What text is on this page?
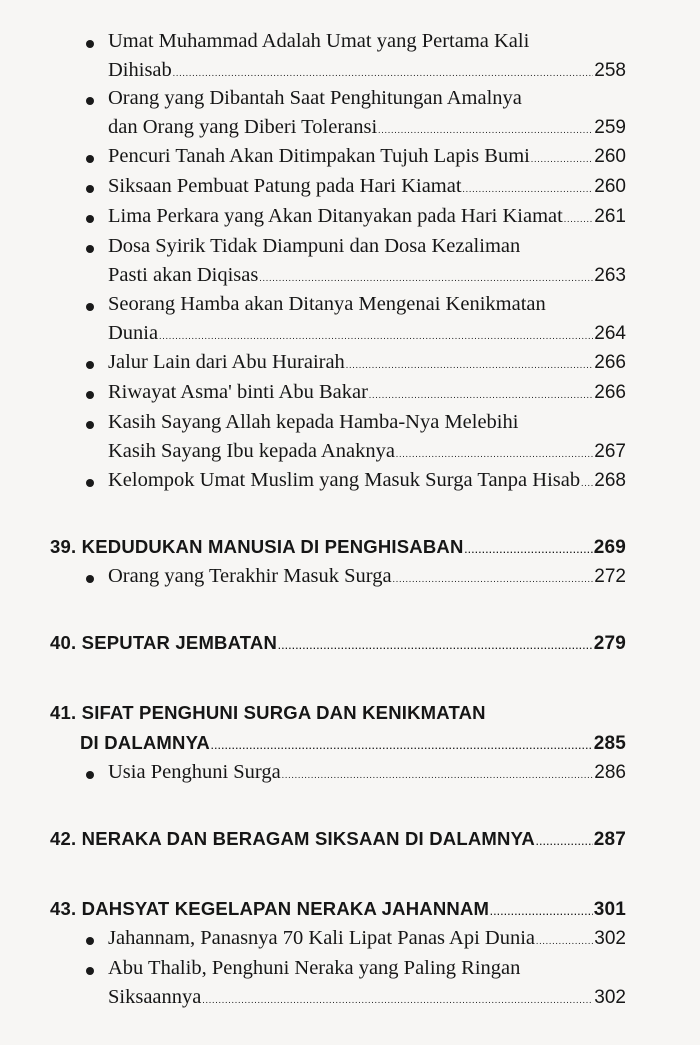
Umat Muhammad Adalah Umat yang Pertama Kali
Dihisab .....	258
Orang yang Dibantah Saat Penghitungan Amalnya
dan Orang yang Diberi Toleransi .....	259
Pencuri Tanah Akan Ditimpakan Tujuh Lapis Bumi .....	260
Siksaan Pembuat Patung pada Hari Kiamat .....	260
Lima Perkara yang Akan Ditanyakan pada Hari Kiamat ..... 261
Dosa Syirik Tidak Diampuni dan Dosa Kezaliman
Pasti akan Diqisas .....	263
Seorang Hamba akan Ditanya Mengenai Kenikmatan
Dunia .....	264
Jalur Lain dari Abu Hurairah .....	266
Riwayat Asma' binti Abu Bakar .....	266
Kasih Sayang Allah kepada Hamba-Nya Melebihi
Kasih Sayang Ibu kepada Anaknya .....	267
Kelompok Umat Muslim yang Masuk Surga Tanpa Hisab ..... 268
39. KEDUDUKAN MANUSIA DI PENGHISABAN .....	269
Orang yang Terakhir Masuk Surga .....	272
40. SEPUTAR JEMBATAN .....	279
41. SIFAT PENGHUNI SURGA DAN KENIKMATAN
DI DALAMNYA .....	285
Usia Penghuni Surga .....	286
42. NERAKA DAN BERAGAM SIKSAAN DI DALAMNYA .....	287
43. DAHSYAT KEGELAPAN NERAKA JAHANNAM .....	301
Jahannam, Panasnya 70 Kali Lipat Panas Api Dunia .....	302
Abu Thalib, Penghuni Neraka yang Paling Ringan
Siksaannya .....	302
